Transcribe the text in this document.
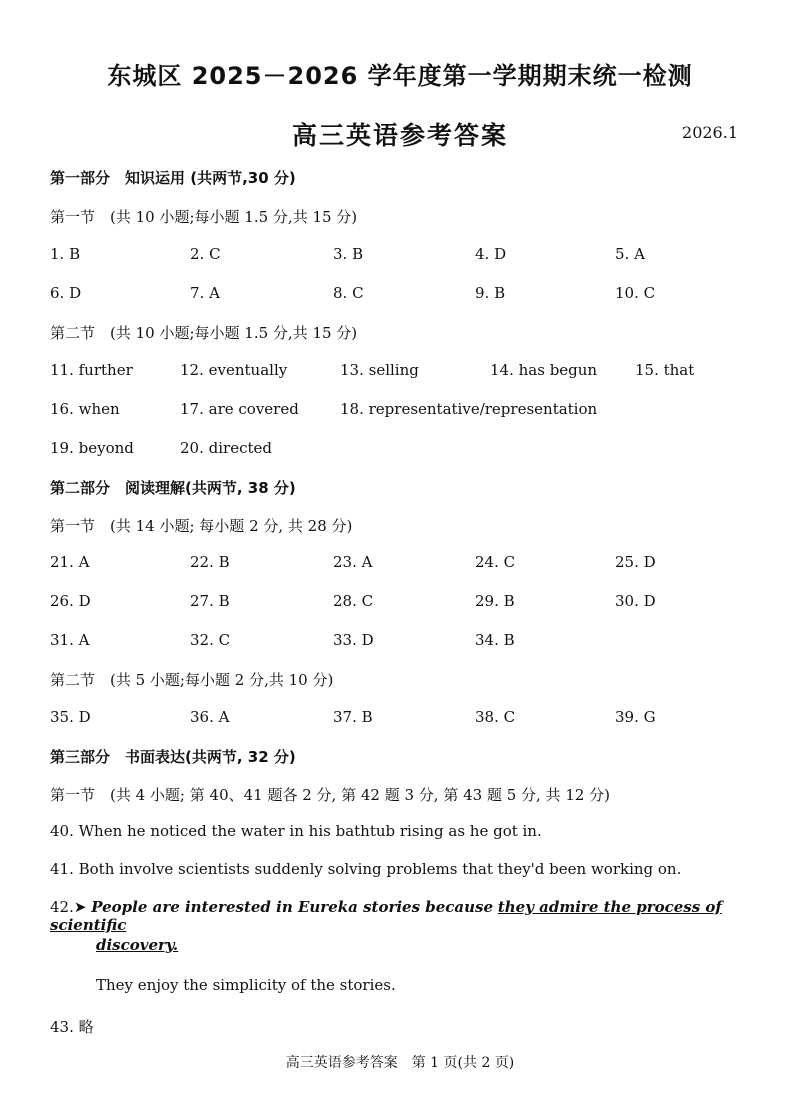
东城区 2025－2026 学年度第一学期期末统一检测
高三英语参考答案	2026.1
第一部分　知识运用 (共两节,30 分)
第一节　(共 10 小题;每小题 1.5 分,共 15 分)
1. B	2. C	3. B	4. D	5. A
6. D	7. A	8. C	9. B	10. C
第二节　(共 10 小题;每小题 1.5 分,共 15 分)
11. further	12. eventually	13. selling	14. has begun	15. that
16. when	17. are covered	18. representative/representation
19. beyond	20. directed
第二部分　阅读理解(共两节, 38 分)
第一节　(共 14 小题; 每小题 2 分, 共 28 分)
21. A	22. B	23. A	24. C	25. D
26. D	27. B	28. C	29. B	30. D
31. A	32. C	33. D	34. B
第二节　(共 5 小题;每小题 2 分,共 10 分)
35. D	36. A	37. B	38. C	39. G
第三部分　书面表达(共两节, 32 分)
第一节　(共 4 小题; 第 40、41 题各 2 分, 第 42 题 3 分, 第 43 题 5 分, 共 12 分)
40. When he noticed the water in his bathtub rising as he got in.
41. Both involve scientists suddenly solving problems that they'd been working on.
42.➤ People are interested in Eureka stories because they admire the process of scientific
discovery.
They enjoy the simplicity of the stories.
43. 略
高三英语参考答案　第 1 页(共 2 页)
